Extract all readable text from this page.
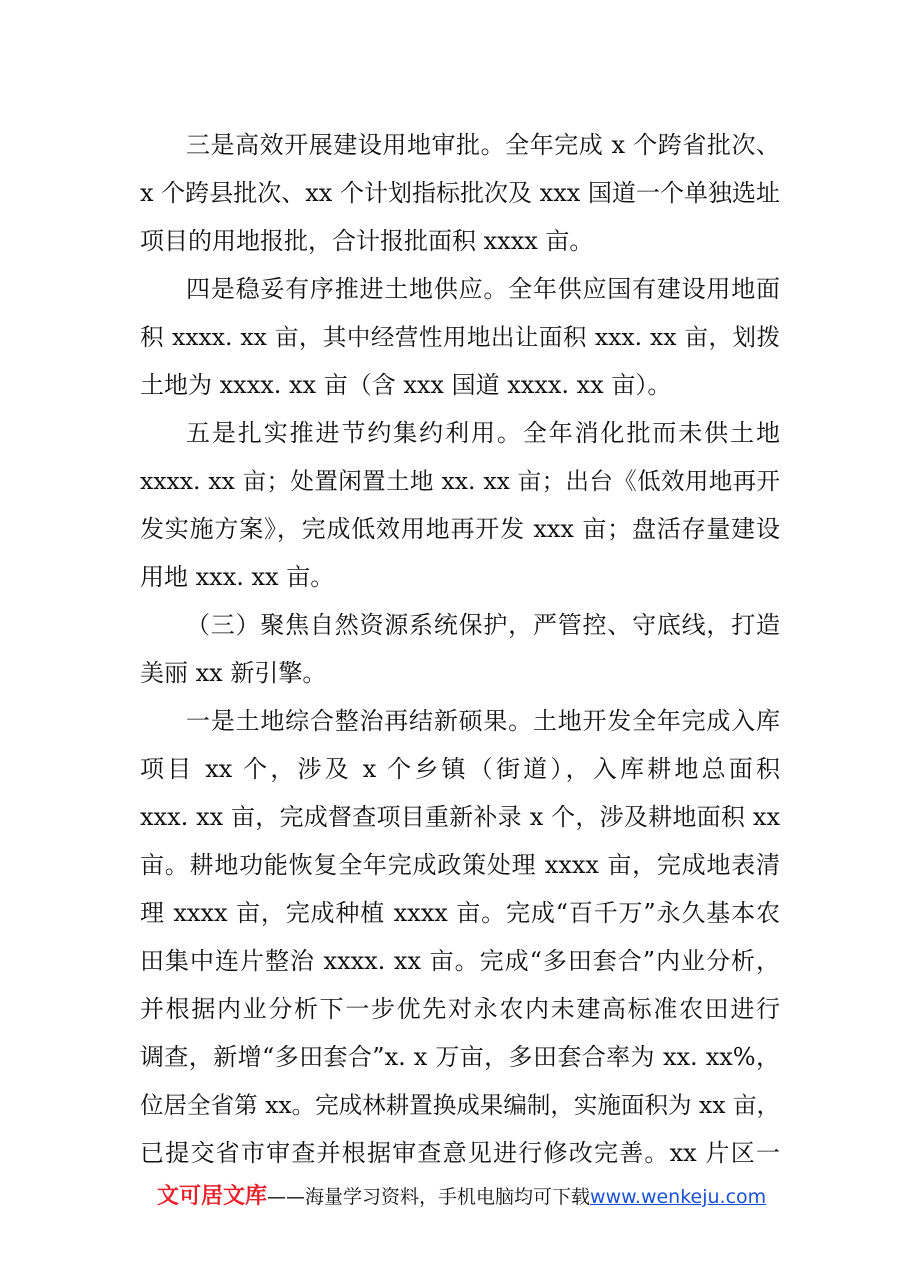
三是高效开展建设用地审批。全年完成 x 个跨省批次、
x 个跨县批次、xx 个计划指标批次及 xxx 国道一个单独选址
项目的用地报批，合计报批面积 xxxx 亩。
四是稳妥有序推进土地供应。全年供应国有建设用地面
积 xxxx. xx 亩，其中经营性用地出让面积 xxx. xx 亩，划拨
土地为 xxxx. xx 亩（含 xxx 国道 xxxx. xx 亩）。
五是扎实推进节约集约利用。全年消化批而未供土地
xxxx. xx 亩；处置闲置土地 xx. xx 亩；出台《低效用地再开
发实施方案》，完成低效用地再开发 xxx 亩；盘活存量建设
用地 xxx. xx 亩。
（三）聚焦自然资源系统保护，严管控、守底线，打造
美丽 xx 新引擎。
一是土地综合整治再结新硕果。土地开发全年完成入库
项目 xx 个，涉及 x 个乡镇（街道），入库耕地总面积
xxx. xx 亩，完成督查项目重新补录 x 个，涉及耕地面积 xx
亩。耕地功能恢复全年完成政策处理 xxxx 亩，完成地表清
理 xxxx 亩，完成种植 xxxx 亩。完成“百千万”永久基本农
田集中连片整治 xxxx. xx 亩。完成“多田套合”内业分析，
并根据内业分析下一步优先对永农内未建高标准农田进行
调查，新增“多田套合”x. x 万亩，多田套合率为 xx. xx%，
位居全省第 xx。完成林耕置换成果编制，实施面积为 xx 亩，
已提交省市审查并根据审查意见进行修改完善。xx 片区一
文可居文库——海量学习资料，手机电脑均可下载www.wenkeju.com
